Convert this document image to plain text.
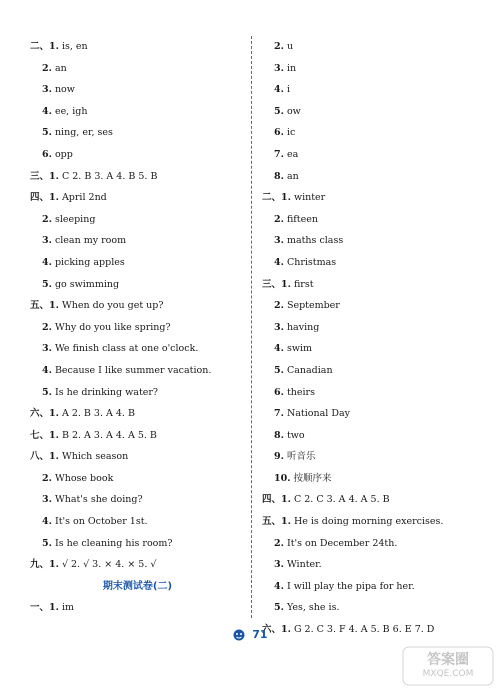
二、1. is, en
2. an
3. now
4. ee, igh
5. ning, er, ses
6. opp
三、1. C 2. B 3. A 4. B 5. B
四、1. April 2nd
2. sleeping
3. clean my room
4. picking apples
5. go swimming
五、1. When do you get up?
2. Why do you like spring?
3. We finish class at one o'clock.
4. Because I like summer vacation.
5. Is he drinking water?
六、1. A 2. B 3. A 4. B
七、1. B 2. A 3. A 4. A 5. B
八、1. Which season
2. Whose book
3. What's she doing?
4. It's on October 1st.
5. Is he cleaning his room?
九、1. √ 2. √ 3. × 4. × 5. √
期末测试卷(二)
一、1. im
2. u
3. in
4. i
5. ow
6. ic
7. ea
8. an
二、1. winter
2. fifteen
3. maths class
4. Christmas
三、1. first
2. September
3. having
4. swim
5. Canadian
6. theirs
7. National Day
8. two
9. 听音乐
10. 按顺序来
四、1. C 2. C 3. A 4. A 5. B
五、1. He is doing morning exercises.
2. It's on December 24th.
3. Winter.
4. I will play the pipa for her.
5. Yes, she is.
六、1. G 2. C 3. F 4. A 5. B 6. E 7. D
71
答案圈
MXQE.COM
